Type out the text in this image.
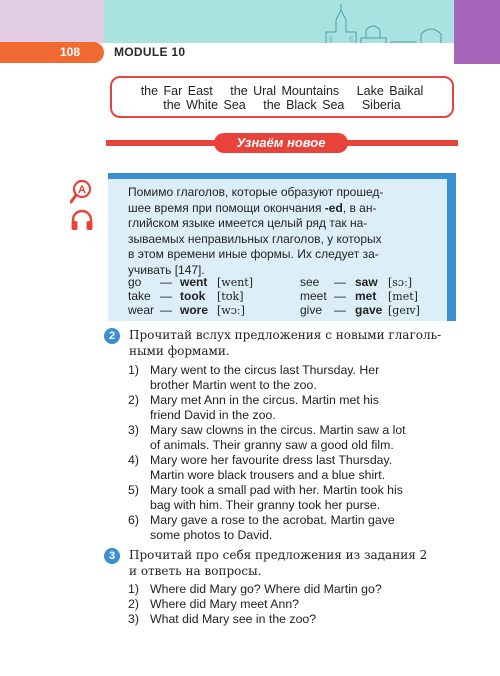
108	MODULE 10
the Far East the Ural Mountains Lake Baikal
the White Sea the Black Sea Siberia
Узнаём новое
A	Помимо глаголов, которые образуют прошед-
шее время при помощи окончания -ed, в ан-
глийском языке имеется целый ряд так на-
зываемых неправильных глаголов, у которых
в этом времени иные формы. Их следует за-
учивать [147].
go — went [went]
take — took [tʊk]
wear — wore [wɔː]
see — saw [sɔː]
meet — met [met]
give — gave [ɡeɪv]
2	Прочитай вслух предложения с новыми глаголь-
ными формами.
1) Mary went to the circus last Thursday. Her
brother Martin went to the zoo.
2) Mary met Ann in the circus. Martin met his
friend David in the zoo.
3) Mary saw clowns in the circus. Martin saw a lot
of animals. Their granny saw a good old film.
4) Mary wore her favourite dress last Thursday.
Martin wore black trousers and a blue shirt.
5) Mary took a small pad with her. Martin took his
bag with him. Their granny took her purse.
6) Mary gave a rose to the acrobat. Martin gave
some photos to David.
3	Прочитай про себя предложения из задания 2
и ответь на вопросы.
1) Where did Mary go? Where did Martin go?
2) Where did Mary meet Ann?
3) What did Mary see in the zoo?
